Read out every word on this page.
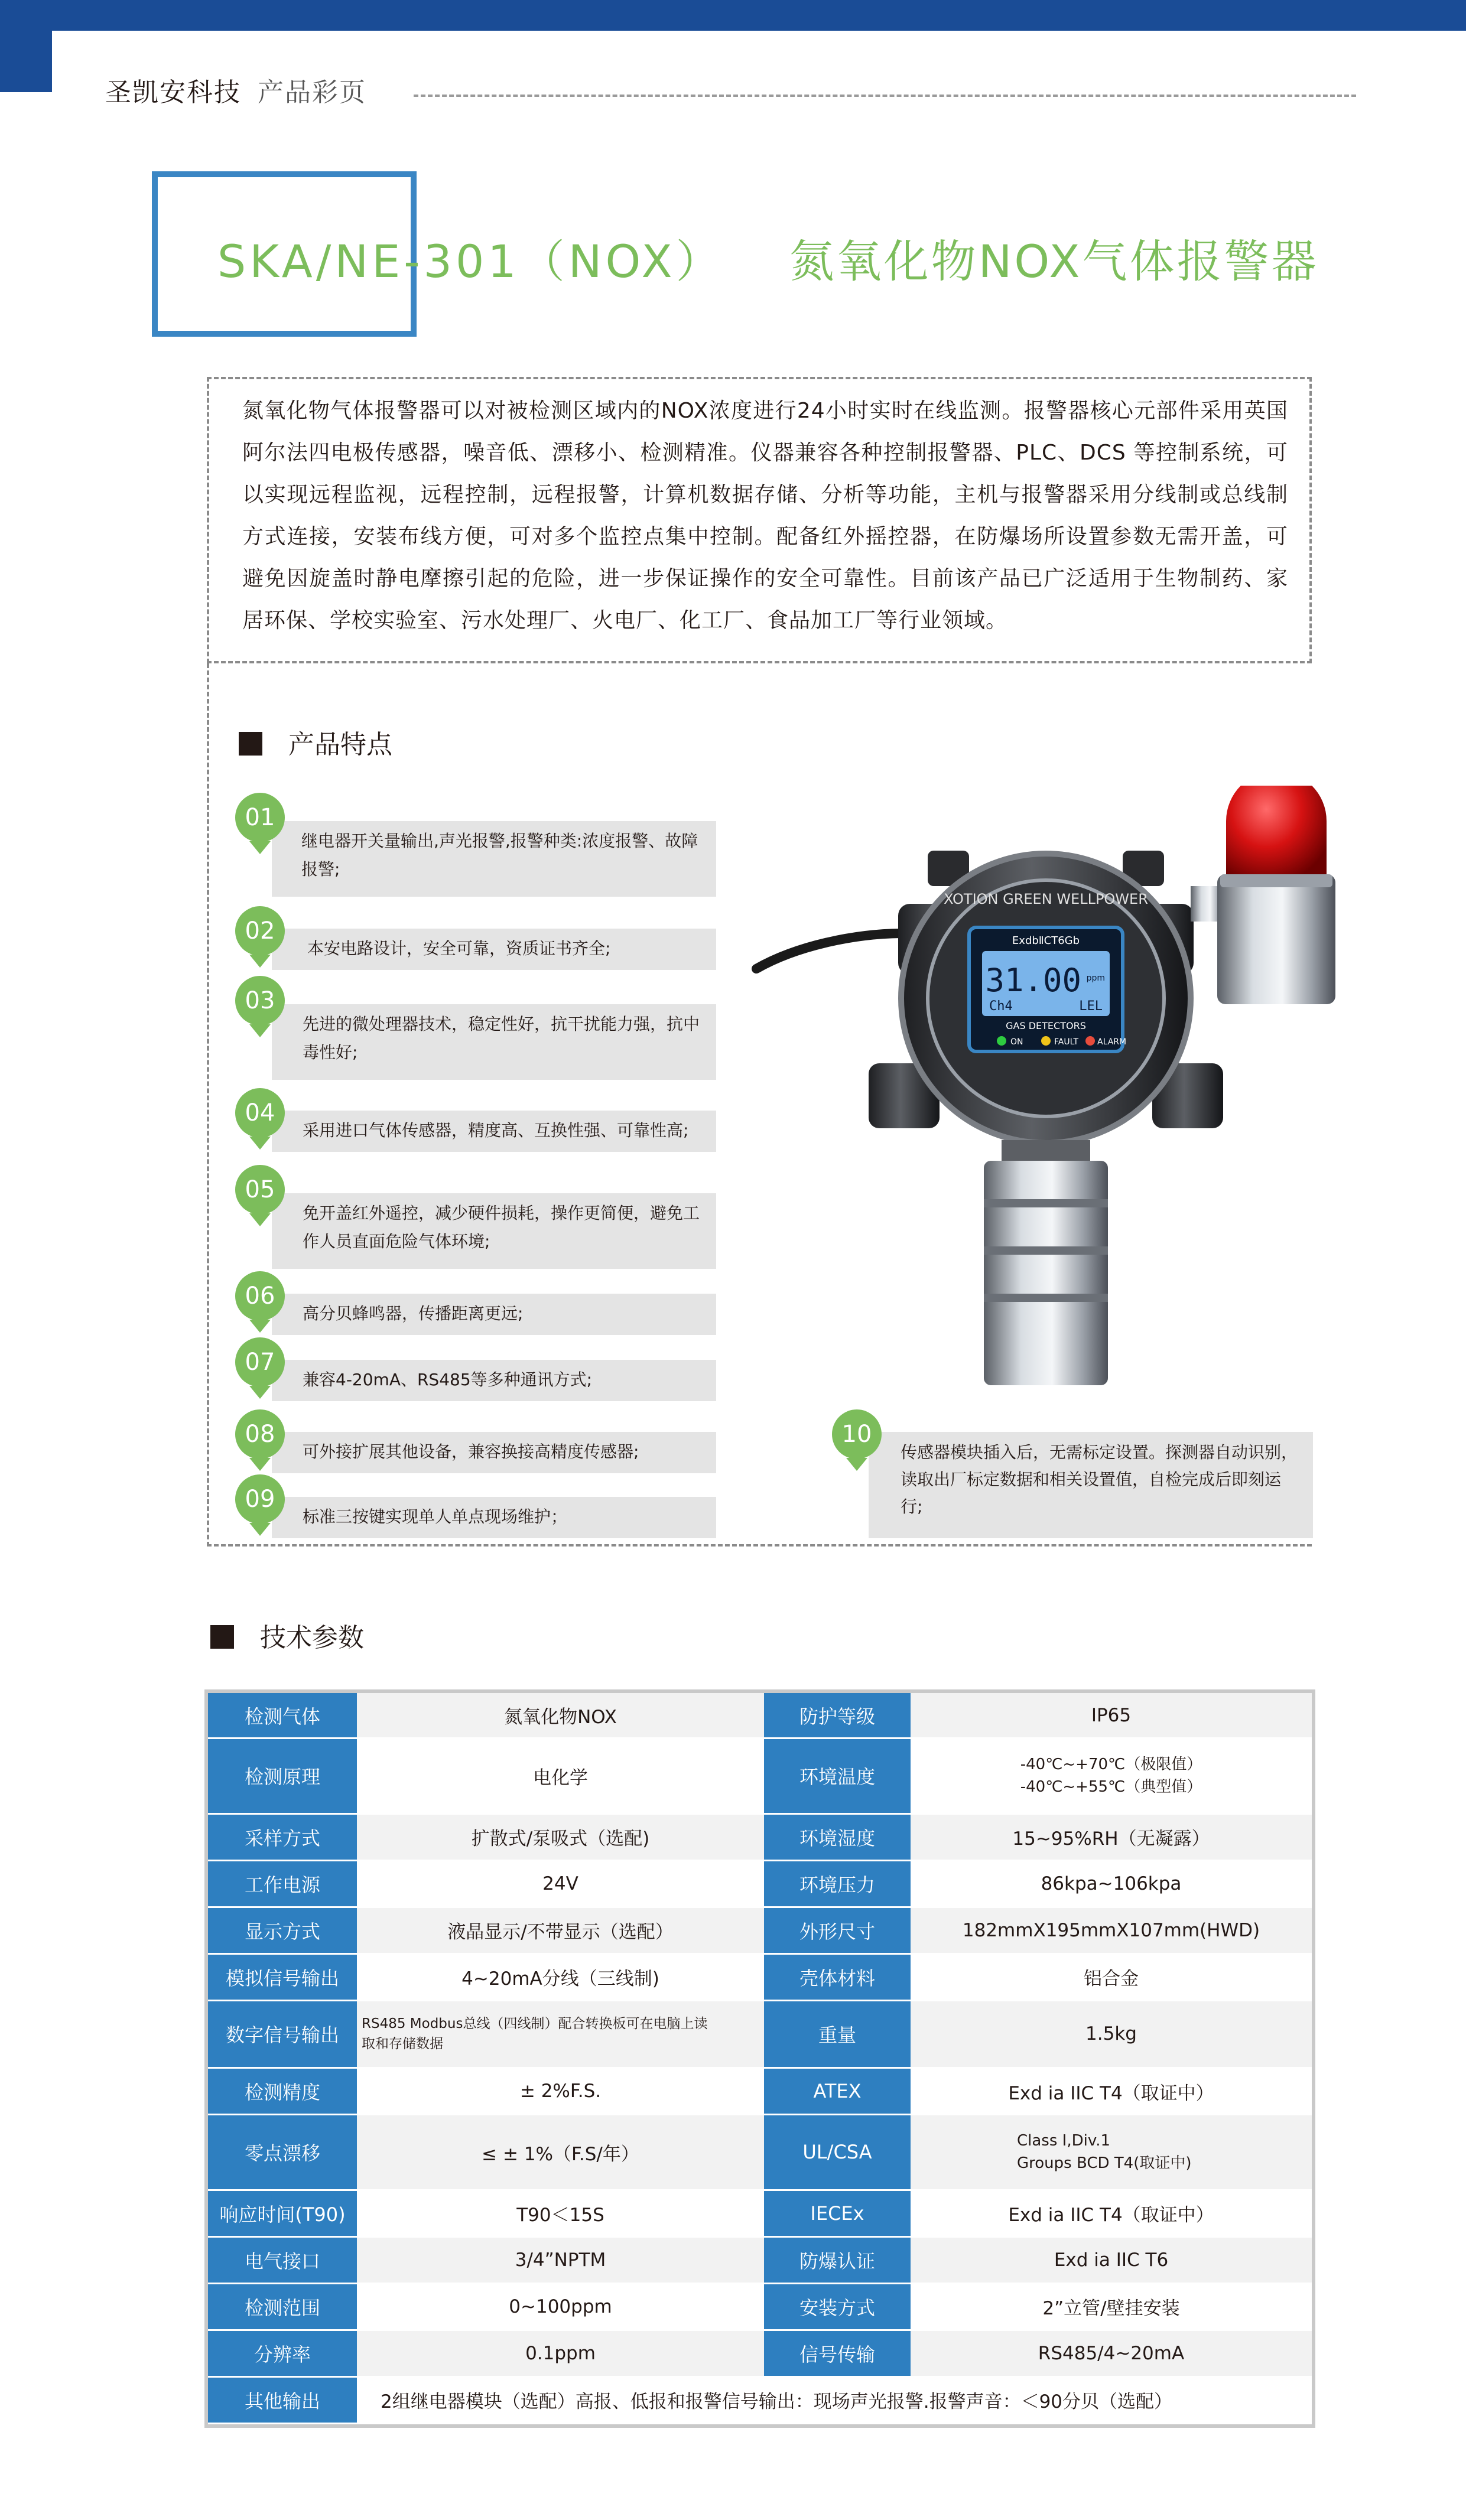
圣凯安科技 产品彩页
SKA/NE-301（NOX） 氮氧化物NOX气体报警器
氮氧化物气体报警器可以对被检测区域内的NOX浓度进行24小时实时在线监测。报警器核心元部件采用英国阿尔法四电极传感器，噪音低、漂移小、检测精准。仪器兼容各种控制报警器、PLC、DCS 等控制系统，可以实现远程监视，远程控制，远程报警，计算机数据存储、分析等功能，主机与报警器采用分线制或总线制方式连接，安装布线方便，可对多个监控点集中控制。配备红外摇控器，在防爆场所设置参数无需开盖，可避免因旋盖时静电摩擦引起的危险，进一步保证操作的安全可靠性。目前该产品已广泛适用于生物制药、家居环保、学校实验室、污水处理厂、火电厂、化工厂、食品加工厂等行业领域。
产品特点
01
继电器开关量输出,声光报警,报警种类:浓度报警、故障报警;
02
本安电路设计，安全可靠，资质证书齐全;
03
先进的微处理器技术，稳定性好，抗干扰能力强，抗中毒性好;
04
采用进口气体传感器，精度高、互换性强、可靠性高;
05
免开盖红外遥控，减少硬件损耗，操作更简便，避免工作人员直面危险气体环境;
06
高分贝蜂鸣器，传播距离更远;
07
兼容4-20mA、RS485等多种通讯方式;
08
可外接扩展其他设备，兼容换接高精度传感器;
09
标准三按键实现单人单点现场维护；
10
传感器模块插入后，无需标定设置。探测器自动识别，读取出厂标定数据和相关设置值，自检完成后即刻运行;
XOTION GREEN WELLPOWER
ExdbⅡCT6Gb
31.00 ppm
Ch4	LEL
GAS DETECTORS
ON	FAULT ALARM
技术参数
检测气体	氮氧化物NOX	防护等级	IP65
检测原理	电化学	环境温度	-40℃~+70℃（极限值）
-40℃~+55℃（典型值）

采样方式	扩散式/泵吸式（选配)	环境湿度	15~95%RH（无凝露）
工作电源	24V	环境压力	86kpa~106kpa
显示方式	液晶显示/不带显示（选配）	外形尺寸	182mmX195mmX107mm(HWD)
模拟信号输出	4~20mA分线（三线制)	壳体材料	铝合金
数字信号输出	RS485 Modbus总线（四线制）配合转换板可在电脑上读
取和存储数据	重量	1.5kg
检测精度	± 2%F.S.	ATEX	Exd ia IIC T4（取证中）
零点漂移	≤ ± 1%（F.S/年）	UL/CSA	Class I,Div.1
Groups BCD T4(取证中)

响应时间(T90)	T90＜15S	IECEx	Exd ia IIC T4（取证中）
电气接口	3/4”NPTM	防爆认证	Exd ia IIC T6
检测范围	0~100ppm	安装方式	2”立管/壁挂安装
分辨率	0.1ppm	信号传输	RS485/4~20mA
其他输出	2组继电器模块（选配）高报、低报和报警信号输出：现场声光报警.报警声音：＜90分贝（选配）		
